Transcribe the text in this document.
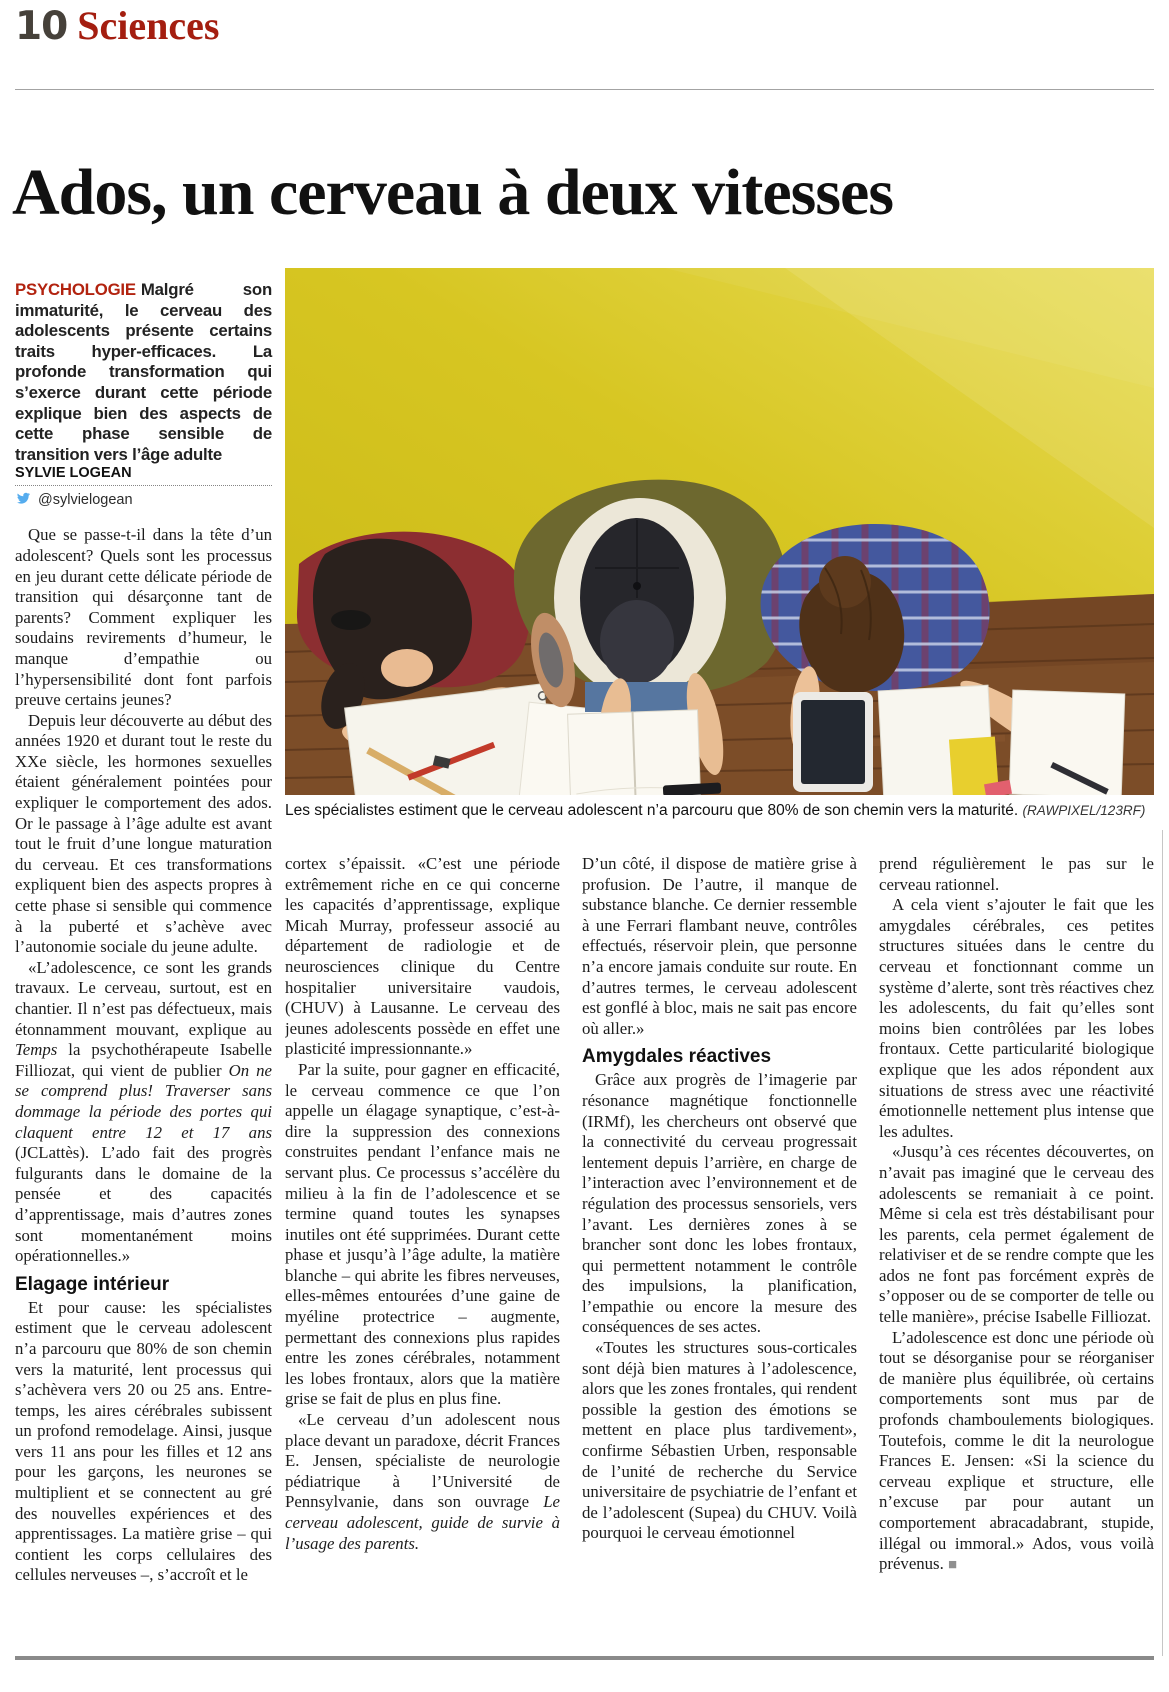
10 Sciences
Ados, un cerveau à deux vitesses

PSYCHOLOGIE Malgré son immaturité, le cerveau des adolescents présente certains traits hyper-efficaces. La profonde transformation qui s’exerce durant cette période explique bien des aspects de cette phase sensible de transition vers l’âge adulte

SYLVIE LOGEAN
@sylvielogean

Que se passe-t-il dans la tête d’un adolescent? Quels sont les processus en jeu durant cette délicate période de transition qui désarçonne tant de parents? Comment expliquer les soudains revirements d’humeur, le manque d’empathie ou l’hypersensibilité dont font parfois preuve certains jeunes?

Depuis leur découverte au début des années 1920 et durant tout le reste du XXe siècle, les hormones sexuelles étaient généralement pointées pour expliquer le comportement des ados. Or le passage à l’âge adulte est avant tout le fruit d’une longue maturation du cerveau. Et ces transformations expliquent bien des aspects propres à cette phase si sensible qui commence à la puberté et s’achève avec l’autonomie sociale du jeune adulte.

«L’adolescence, ce sont les grands travaux. Le cerveau, surtout, est en chantier. Il n’est pas défectueux, mais étonnamment mouvant, explique au Temps la psychothérapeute Isabelle Filliozat, qui vient de publier On ne se comprend plus! Traverser sans dommage la période des portes qui claquent entre 12 et 17 ans (JCLattès). L’ado fait des progrès fulgurants dans le domaine de la pensée et des capacités d’apprentissage, mais d’autres zones sont momentanément moins opérationnelles.»

Elagage intérieur

Et pour cause: les spécialistes estiment que le cerveau adolescent n’a parcouru que 80% de son chemin vers la maturité, lent processus qui s’achèvera vers 20 ou 25 ans. Entre-temps, les aires cérébrales subissent un profond remodelage. Ainsi, jusque vers 11 ans pour les filles et 12 ans pour les garçons, les neurones se multiplient et se connectent au gré des nouvelles expériences et des apprentissages. La matière grise – qui contient les corps cellulaires des cellules nerveuses –, s’accroît et le

Les spécialistes estiment que le cerveau adolescent n’a parcouru que 80% de son chemin vers la maturité. (RAWPIXEL/123RF)

cortex s’épaissit. «C’est une période extrêmement riche en ce qui concerne les capacités d’apprentissage, explique Micah Murray, professeur associé au département de radiologie et de neurosciences clinique du Centre hospitalier universitaire vaudois, (CHUV) à Lausanne. Le cerveau des jeunes adolescents possède en effet une plasticité impressionnante.»

Par la suite, pour gagner en efficacité, le cerveau commence ce que l’on appelle un élagage synaptique, c’est-à-dire la suppression des connexions construites pendant l’enfance mais ne servant plus. Ce processus s’accélère du milieu à la fin de l’adolescence et se termine quand toutes les synapses inutiles ont été supprimées. Durant cette phase et jusqu’à l’âge adulte, la matière blanche – qui abrite les fibres nerveuses, elles-mêmes entourées d’une gaine de myéline protectrice – augmente, permettant des connexions plus rapides entre les zones cérébrales, notamment les lobes frontaux, alors que la matière grise se fait de plus en plus fine.

«Le cerveau d’un adolescent nous place devant un paradoxe, décrit Frances E. Jensen, spécialiste de neurologie pédiatrique à l’Université de Pennsylvanie, dans son ouvrage Le cerveau adolescent, guide de survie à l’usage des parents.

D’un côté, il dispose de matière grise à profusion. De l’autre, il manque de substance blanche. Ce dernier ressemble à une Ferrari flambant neuve, contrôles effectués, réservoir plein, que personne n’a encore jamais conduite sur route. En d’autres termes, le cerveau adolescent est gonflé à bloc, mais ne sait pas encore où aller.»

Amygdales réactives

Grâce aux progrès de l’imagerie par résonance magnétique fonctionnelle (IRMf), les chercheurs ont observé que la connectivité du cerveau progressait lentement depuis l’arrière, en charge de l’interaction avec l’environnement et de régulation des processus sensoriels, vers l’avant. Les dernières zones à se brancher sont donc les lobes frontaux, qui permettent notamment le contrôle des impulsions, la planification, l’empathie ou encore la mesure des conséquences de ses actes.

«Toutes les structures sous-corticales sont déjà bien matures à l’adolescence, alors que les zones frontales, qui rendent possible la gestion des émotions se mettent en place plus tardivement», confirme Sébastien Urben, responsable de l’unité de recherche du Service universitaire de psychiatrie de l’enfant et de l’adolescent (Supea) du CHUV. Voilà pourquoi le cerveau émotionnel

prend régulièrement le pas sur le cerveau rationnel.

A cela vient s’ajouter le fait que les amygdales cérébrales, ces petites structures situées dans le centre du cerveau et fonctionnant comme un système d’alerte, sont très réactives chez les adolescents, du fait qu’elles sont moins bien contrôlées par les lobes frontaux. Cette particularité biologique explique que les ados répondent aux situations de stress avec une réactivité émotionnelle nettement plus intense que les adultes.

«Jusqu’à ces récentes découvertes, on n’avait pas imaginé que le cerveau des adolescents se remaniait à ce point. Même si cela est très déstabilisant pour les parents, cela permet également de relativiser et de se rendre compte que les ados ne font pas forcément exprès de s’opposer ou de se comporter de telle ou telle manière», précise Isabelle Filliozat.

L’adolescence est donc une période où tout se désorganise pour se réorganiser de manière plus équilibrée, où certains comportements sont mus par de profonds chamboulements biologiques. Toutefois, comme le dit la neurologue Frances E. Jensen: «Si la science du cerveau explique et structure, elle n’excuse par pour autant un comportement abracadabrant, stupide, illégal ou immoral.» Ados, vous voilà prévenus. ■
